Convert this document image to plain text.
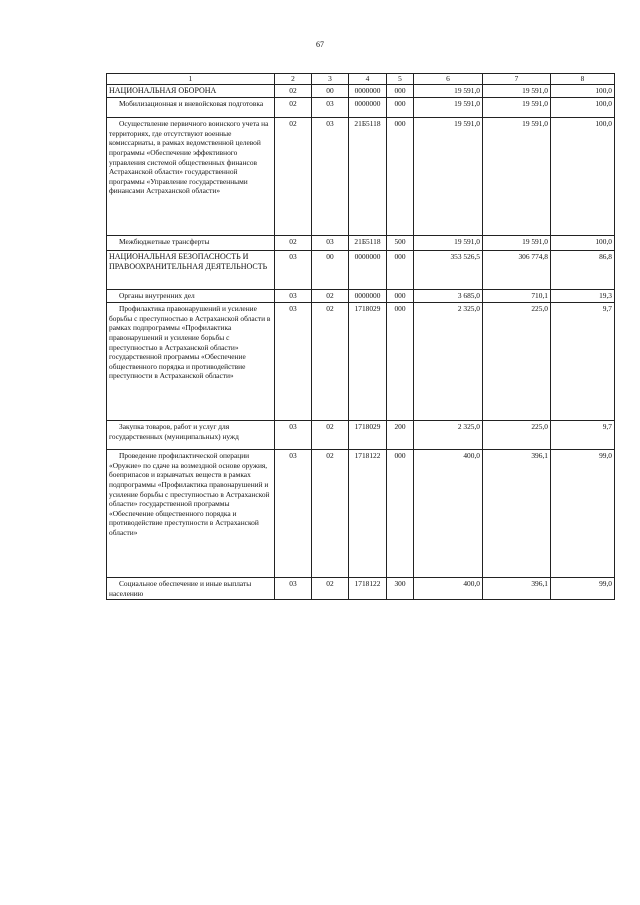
67
1	2	3	4	5	6	7	8
НАЦИОНАЛЬНАЯ ОБОРОНА	02	00	0000000	000	19 591,0	19 591,0	100,0
Мобилизационная и вневойсковая подготовка	02	03	0000000	000	19 591,0	19 591,0	100,0
Осуществление первичного воинского учета на территориях, где отсутствуют военные комиссариаты, в рамках ведомственной целевой программы «Обеспечение эффективного управления системой общественных финансов Астраханской области» государственной программы «Управление государственными финансами Астраханской области»	02	03	21Б5118	000	19 591,0	19 591,0	100,0
Межбюджетные трансферты	02	03	21Б5118	500	19 591,0	19 591,0	100,0
НАЦИОНАЛЬНАЯ БЕЗОПАСНОСТЬ И ПРАВООХРАНИТЕЛЬНАЯ ДЕЯТЕЛЬНОСТЬ	03	00	0000000	000	353 526,5	306 774,8	86,8
Органы внутренних дел	03	02	0000000	000	3 685,0	710,1	19,3
Профилактика правонарушений и усиление борьбы с преступностью в Астраханской области в рамках подпрограммы «Профилактика правонарушений и усиление борьбы с преступностью в Астраханской области» государственной программы «Обеспечение общественного порядка и противодействие преступности в Астраханской области»	03	02	1718029	000	2 325,0	225,0	9,7
Закупка товаров, работ и услуг для государственных (муниципальных) нужд	03	02	1718029	200	2 325,0	225,0	9,7
Проведение профилактической операции «Оружие» по сдаче на возмездной основе оружия, боеприпасов и взрывчатых веществ в рамках подпрограммы «Профилактика правонарушений и усиление борьбы с преступностью в Астраханской области» государственной программы «Обеспечение общественного порядка и противодействие преступности в Астраханской области»	03	02	1718122	000	400,0	396,1	99,0
Социальное обеспечение и иные выплаты населению	03	02	1718122	300	400,0	396,1	99,0
